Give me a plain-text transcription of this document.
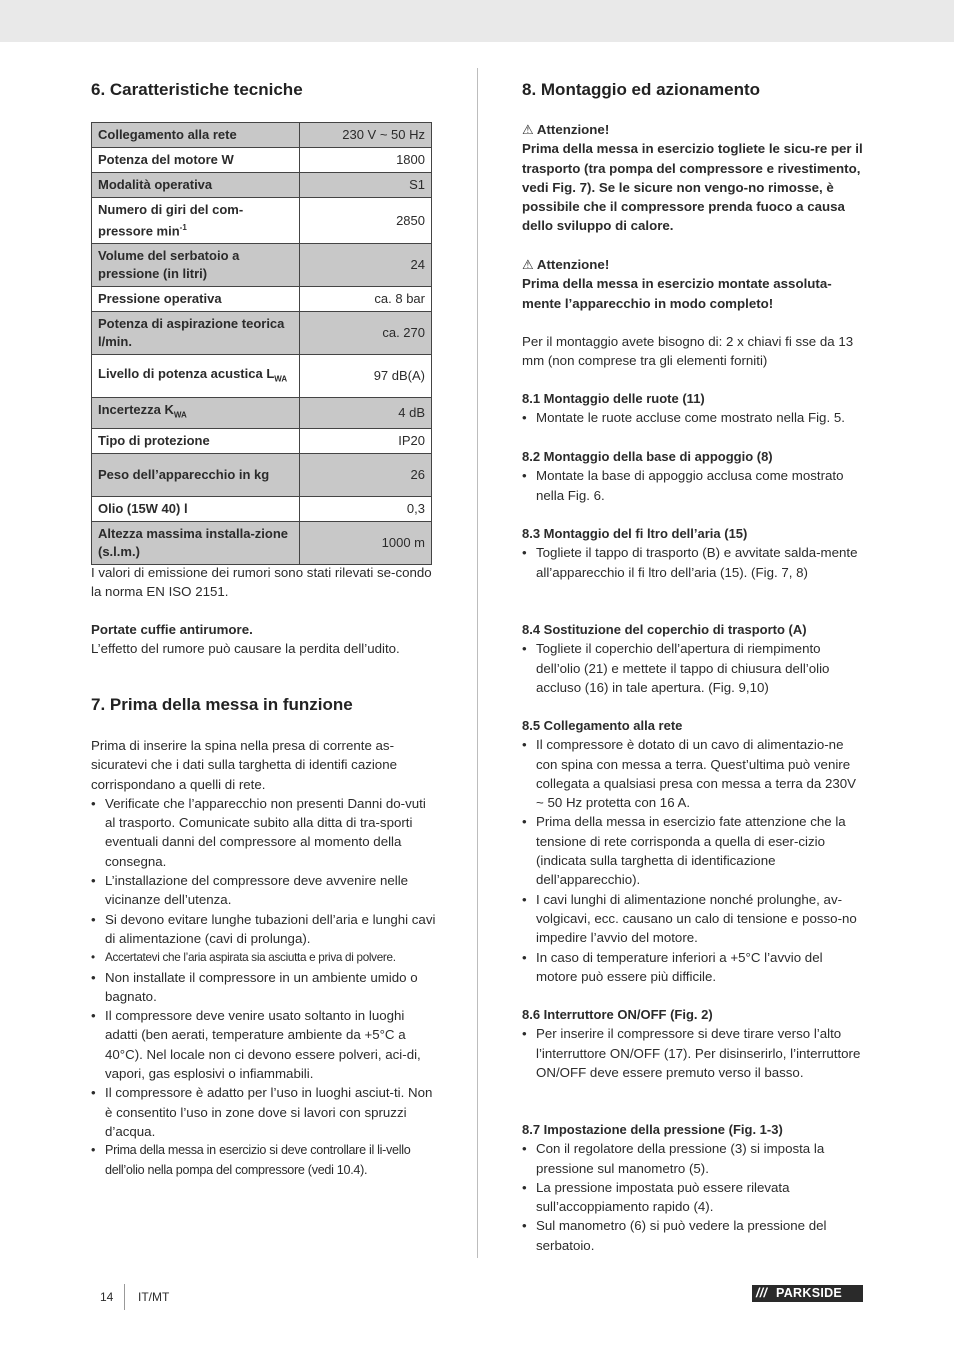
6. Caratteristiche tecniche
Collegamento alla rete	230 V ~ 50 Hz
Potenza del motore W	1800
Modalità operativa	S1
Numero di giri del com-pressore $\min^{-1}$	2850
Volume del serbatoio a pressione (in litri)	24
Pressione operativa	ca. 8 bar
Potenza di aspirazione teorica l/min.	ca. 270
Livello di potenza acustica $L_{WA}$	97 dB(A)
Incertezza $K_{WA}$	4 dB
Tipo di protezione	IP20
Peso dell’apparecchio in kg	26
Olio (15W 40) l	0,3
Altezza massima installa-zione (s.l.m.)	1000 m

I valori di emissione dei rumori sono stati rilevati se-condo la norma EN ISO 2151.

Portate cuffie antirumore.

L’effetto del rumore può causare la perdita dell’udito.

7. Prima della messa in funzione

Prima di inserire la spina nella presa di corrente as-sicuratevi che i dati sulla targhetta di identifi cazione corrispondano a quelli di rete.

• Verificate che l’apparecchio non presenti Danni do-vuti al trasporto. Comunicate subito alla ditta di tra-sporti eventuali danni del compressore al momento della consegna.
• L’installazione del compressore deve avvenire nelle vicinanze dell’utenza.
• Si devono evitare lunghe tubazioni dell’aria e lunghi cavi di alimentazione (cavi di prolunga).
• Accertatevi che l’aria aspirata sia asciutta e priva di polvere.
• Non installate il compressore in un ambiente umido o bagnato.
• Il compressore deve venire usato soltanto in luoghi adatti (ben aerati, temperature ambiente da +5°C a 40°C). Nel locale non ci devono essere polveri, aci-di, vapori, gas esplosivi o infiammabili.
• Il compressore è adatto per l’uso in luoghi asciut-ti. Non è consentito l’uso in zone dove si lavori con spruzzi d’acqua.
• Prima della messa in esercizio si deve controllare il li-vello dell’olio nella pompa del compressore (vedi 10.4).
8. Montaggio ed azionamento

⚠ Attenzione!

Prima della messa in esercizio togliete le sicu-re per il trasporto (tra pompa del compressore e rivestimento, vedi Fig. 7). Se le sicure non vengo-no rimosse, è possibile che il compressore prenda fuoco a causa dello sviluppo di calore.

⚠ Attenzione!

Prima della messa in esercizio montate assoluta-mente l’apparecchio in modo completo!

Per il montaggio avete bisogno di: 2 x chiavi fi sse da 13 mm (non comprese tra gli elementi forniti)

8.1 Montaggio delle ruote (11)

• Montate le ruote accluse come mostrato nella Fig. 5.

8.2 Montaggio della base di appoggio (8)

• Montate la base di appoggio acclusa come mostrato nella Fig. 6.

8.3 Montaggio del fi ltro dell’aria (15)

• Togliete il tappo di trasporto (B) e avvitate salda-mente all’apparecchio il fi ltro dell’aria (15). (Fig. 7, 8)

8.4 Sostituzione del coperchio di trasporto (A)

• Togliete il coperchio dell’apertura di riempimento dell’olio (21) e mettete il tappo di chiusura dell’olio accluso (16) in tale apertura. (Fig. 9,10)

8.5 Collegamento alla rete

• Il compressore è dotato di un cavo di alimentazio-ne con spina con messa a terra. Quest’ultima può venire collegata a qualsiasi presa con messa a terra da 230V ~ 50 Hz protetta con 16 A.
• Prima della messa in esercizio fate attenzione che la tensione di rete corrisponda a quella di eser-cizio (indicata sulla targhetta di identificazione dell’apparecchio).
• I cavi lunghi di alimentazione nonché prolunghe, av-volgicavi, ecc. causano un calo di tensione e posso-no impedire l’avvio del motore.
• In caso di temperature inferiori a +5°C l’avvio del motore può essere più difficile.

8.6 Interruttore ON/OFF (Fig. 2)

• Per inserire il compressore si deve tirare verso l’alto l’interruttore ON/OFF (17). Per disinserirlo, l’interruttore ON/OFF deve essere premuto verso il basso.

8.7 Impostazione della pressione (Fig. 1-3)

• Con il regolatore della pressione (3) si imposta la pressione sul manometro (5).
• La pressione impostata può essere rilevata sull’accoppiamento rapido (4).
• Sul manometro (6) si può vedere la pressione del serbatoio.
14 IT/MT	/// PARKSIDE
